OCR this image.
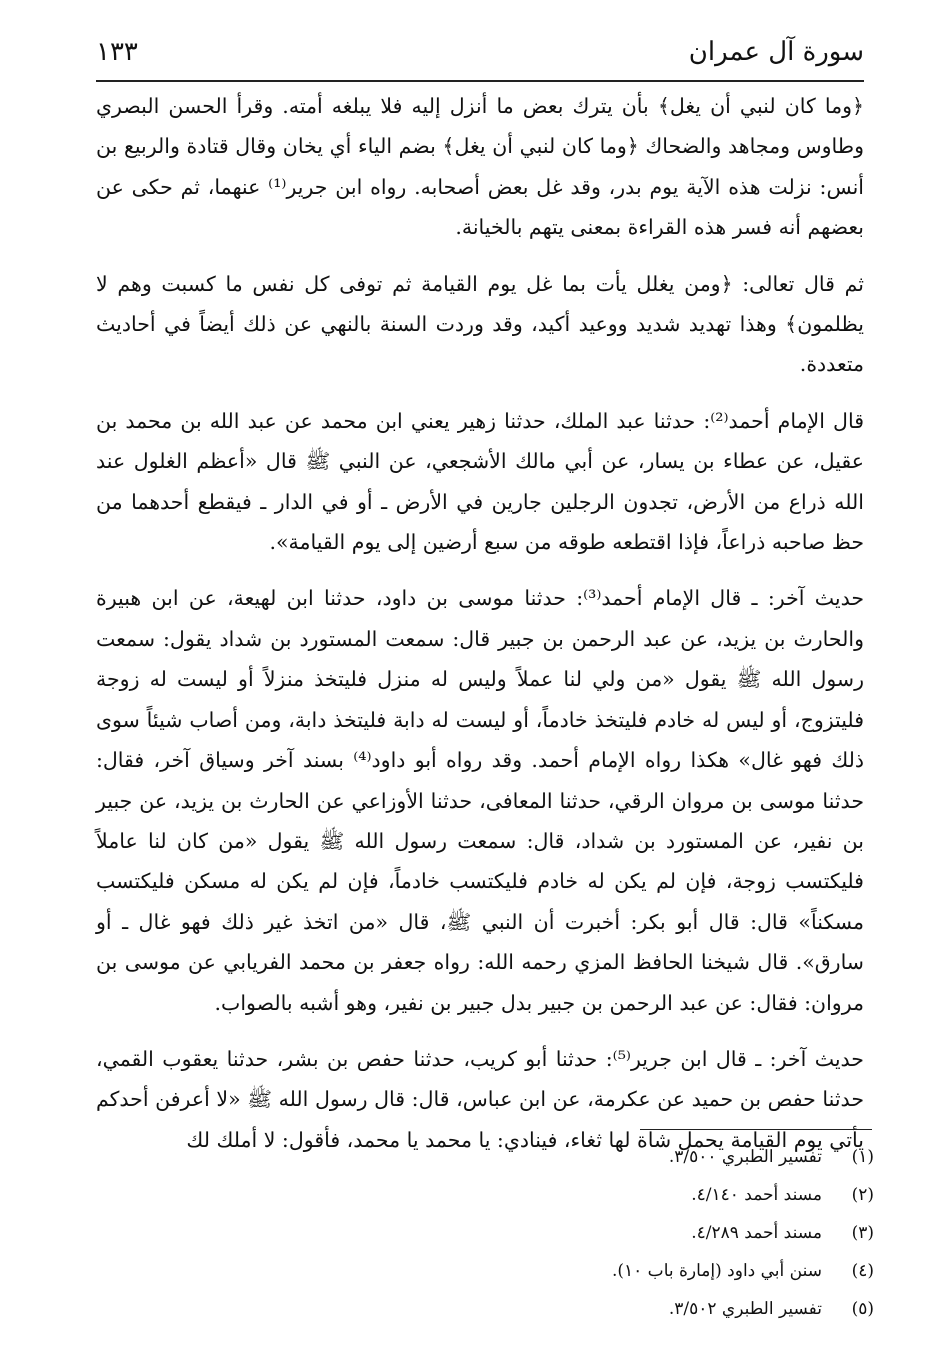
سورة آل عمران
١٣٣

﴿وما كان لنبي أن يغل﴾ بأن يترك بعض ما أنزل إليه فلا يبلغه أمته. وقرأ الحسن البصري وطاوس ومجاهد والضحاك ﴿وما كان لنبي أن يغل﴾ بضم الياء أي يخان وقال قتادة والربيع بن أنس: نزلت هذه الآية يوم بدر، وقد غل بعض أصحابه. رواه ابن جرير⁽¹⁾ عنهما، ثم حكى عن بعضهم أنه فسر هذه القراءة بمعنى يتهم بالخيانة.

ثم قال تعالى: ﴿ومن يغلل يأت بما غل يوم القيامة ثم توفى كل نفس ما كسبت وهم لا يظلمون﴾ وهذا تهديد شديد ووعيد أكيد، وقد وردت السنة بالنهي عن ذلك أيضاً في أحاديث متعددة.

قال الإمام أحمد⁽²⁾: حدثنا عبد الملك، حدثنا زهير يعني ابن محمد عن عبد الله بن محمد بن عقيل، عن عطاء بن يسار، عن أبي مالك الأشجعي، عن النبي ﷺ قال «أعظم الغلول عند الله ذراع من الأرض، تجدون الرجلين جارين في الأرض ـ أو في الدار ـ فيقطع أحدهما من حظ صاحبه ذراعاً، فإذا اقتطعه طوقه من سبع أرضين إلى يوم القيامة».

حديث آخر: ـ قال الإمام أحمد⁽³⁾: حدثنا موسى بن داود، حدثنا ابن لهيعة، عن ابن هبيرة والحارث بن يزيد، عن عبد الرحمن بن جبير قال: سمعت المستورد بن شداد يقول: سمعت رسول الله ﷺ يقول «من ولي لنا عملاً وليس له منزل فليتخذ منزلاً أو ليست له زوجة فليتزوج، أو ليس له خادم فليتخذ خادماً، أو ليست له دابة فليتخذ دابة، ومن أصاب شيئاً سوى ذلك فهو غال» هكذا رواه الإمام أحمد. وقد رواه أبو داود⁽⁴⁾ بسند آخر وسياق آخر، فقال: حدثنا موسى بن مروان الرقي، حدثنا المعافى، حدثنا الأوزاعي عن الحارث بن يزيد، عن جبير بن نفير، عن المستورد بن شداد، قال: سمعت رسول الله ﷺ يقول «من كان لنا عاملاً فليكتسب زوجة، فإن لم يكن له خادم فليكتسب خادماً، فإن لم يكن له مسكن فليكتسب مسكناً» قال: قال أبو بكر: أخبرت أن النبي ﷺ، قال «من اتخذ غير ذلك فهو غال ـ أو سارق». قال شيخنا الحافظ المزي رحمه الله: رواه جعفر بن محمد الفريابي عن موسى بن مروان: فقال: عن عبد الرحمن بن جبير بدل جبير بن نفير، وهو أشبه بالصواب.

حديث آخر: ـ قال ابن جرير⁽⁵⁾: حدثنا أبو كريب، حدثنا حفص بن بشر، حدثنا يعقوب القمي، حدثنا حفص بن حميد عن عكرمة، عن ابن عباس، قال: قال رسول الله ﷺ «لا أعرفن أحدكم يأتي يوم القيامة يحمل شاة لها ثغاء، فينادي: يا محمد يا محمد، فأقول: لا أملك لك

(١)
تفسير الطبري ٣/٥٠٠.
(٢)
مسند أحمد ٤/١٤٠.
(٣)
مسند أحمد ٤/٢٨٩.
(٤)
سنن أبي داود (إمارة باب ١٠).
(٥)
تفسير الطبري ٣/٥٠٢.
